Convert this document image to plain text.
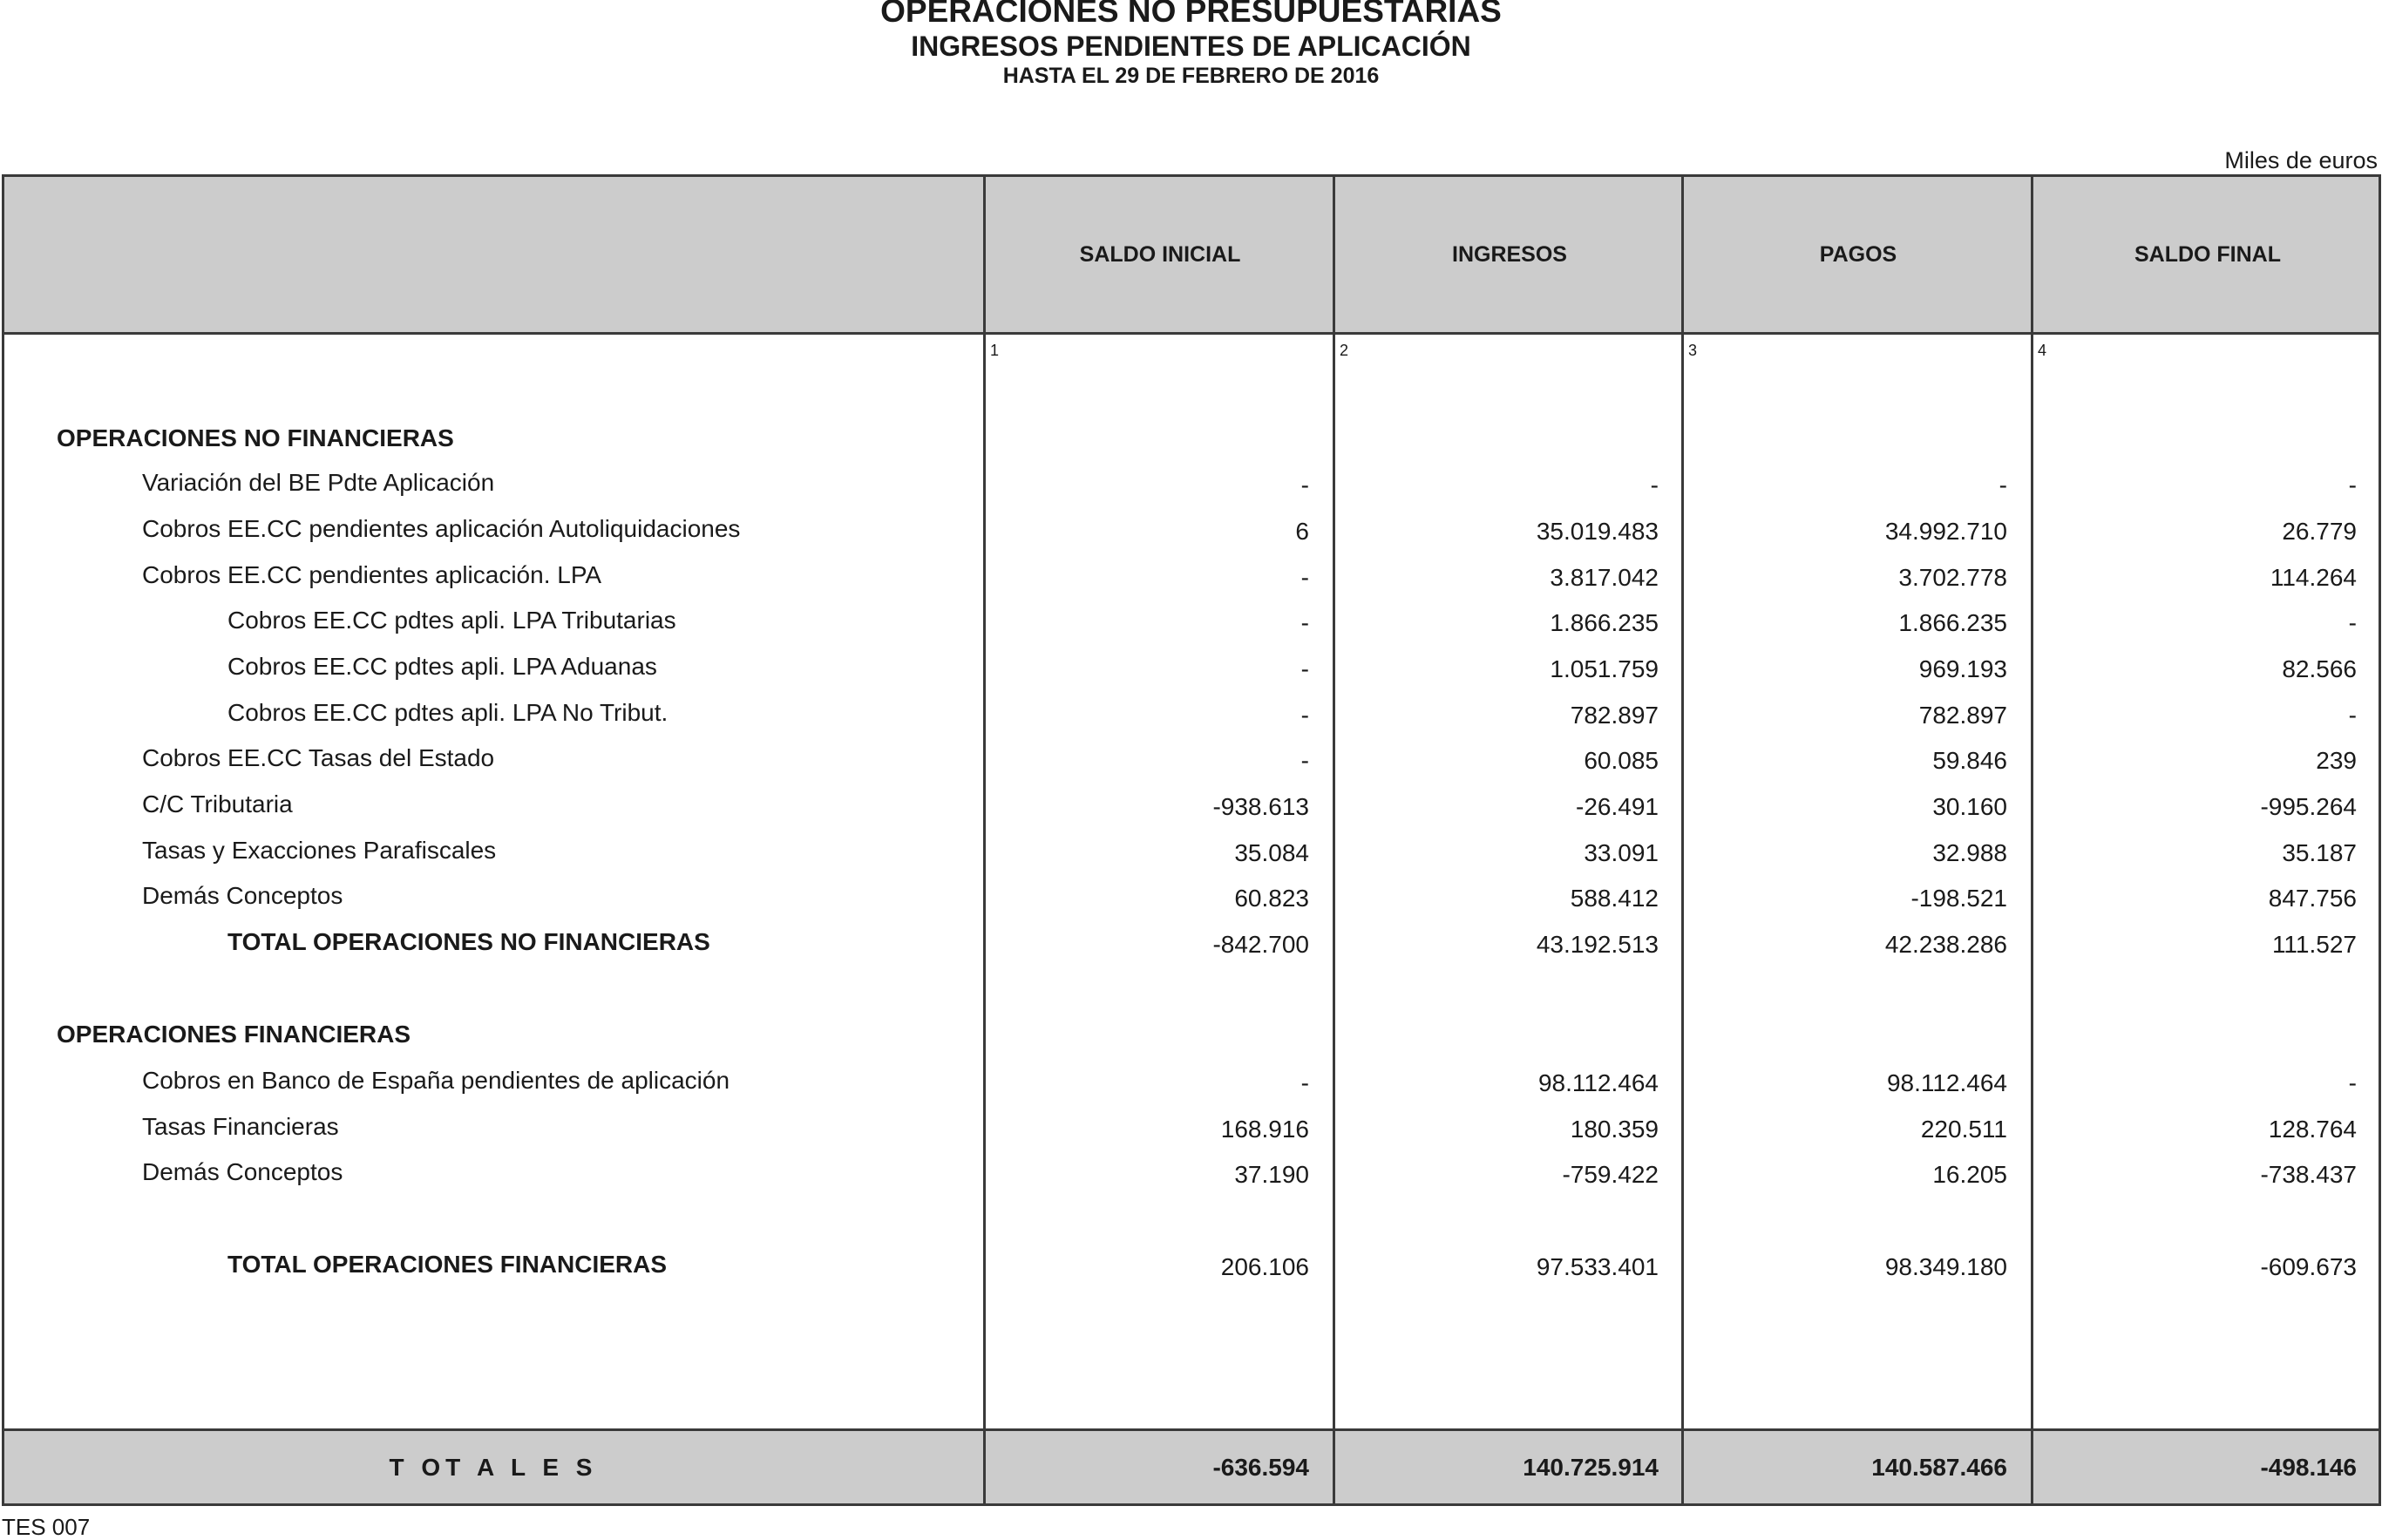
OPERACIONES NO PRESUPUESTARIAS
INGRESOS PENDIENTES DE APLICACIÓN
HASTA EL 29 DE FEBRERO DE 2016
Miles de euros
SALDO INICIAL	INGRESOS	PAGOS	SALDO FINAL
1	2	3	4
OPERACIONES NO FINANCIERAS
Variación del BE Pdte Aplicación	-	-	-	-
Cobros EE.CC pendientes aplicación Autoliquidaciones	6	35.019.483	34.992.710	26.779
Cobros EE.CC pendientes aplicación. LPA	-	3.817.042	3.702.778	114.264
Cobros EE.CC pdtes apli. LPA Tributarias	-	1.866.235	1.866.235	-
Cobros EE.CC pdtes apli. LPA Aduanas	-	1.051.759	969.193	82.566
Cobros EE.CC pdtes apli. LPA No Tribut.	-	782.897	782.897	-
Cobros EE.CC Tasas del Estado	-	60.085	59.846	239
C/C Tributaria	-938.613	-26.491	30.160	-995.264
Tasas y Exacciones Parafiscales	35.084	33.091	32.988	35.187
Demás Conceptos	60.823	588.412	-198.521	847.756
TOTAL OPERACIONES NO FINANCIERAS	-842.700	43.192.513	42.238.286	111.527
OPERACIONES FINANCIERAS
Cobros en Banco de España pendientes de aplicación	-	98.112.464	98.112.464	-
Tasas Financieras	168.916	180.359	220.511	128.764
Demás Conceptos	37.190	-759.422	16.205	-738.437
TOTAL OPERACIONES FINANCIERAS	206.106	97.533.401	98.349.180	-609.673
T OT A L E S	-636.594	140.725.914	140.587.466	-498.146
TES 007
